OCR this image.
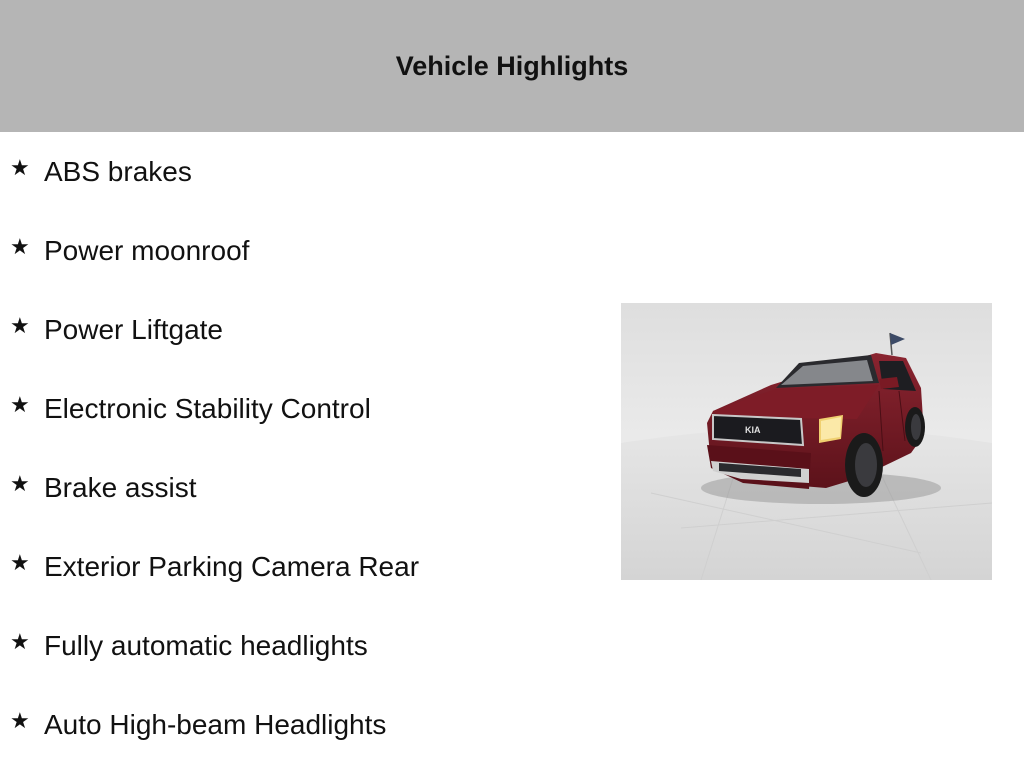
Vehicle Highlights
★ ABS brakes
★ Power moonroof
★ Power Liftgate
★ Electronic Stability Control
★ Brake assist
★ Exterior Parking Camera Rear
★ Fully automatic headlights
★ Auto High-beam Headlights
KIA
